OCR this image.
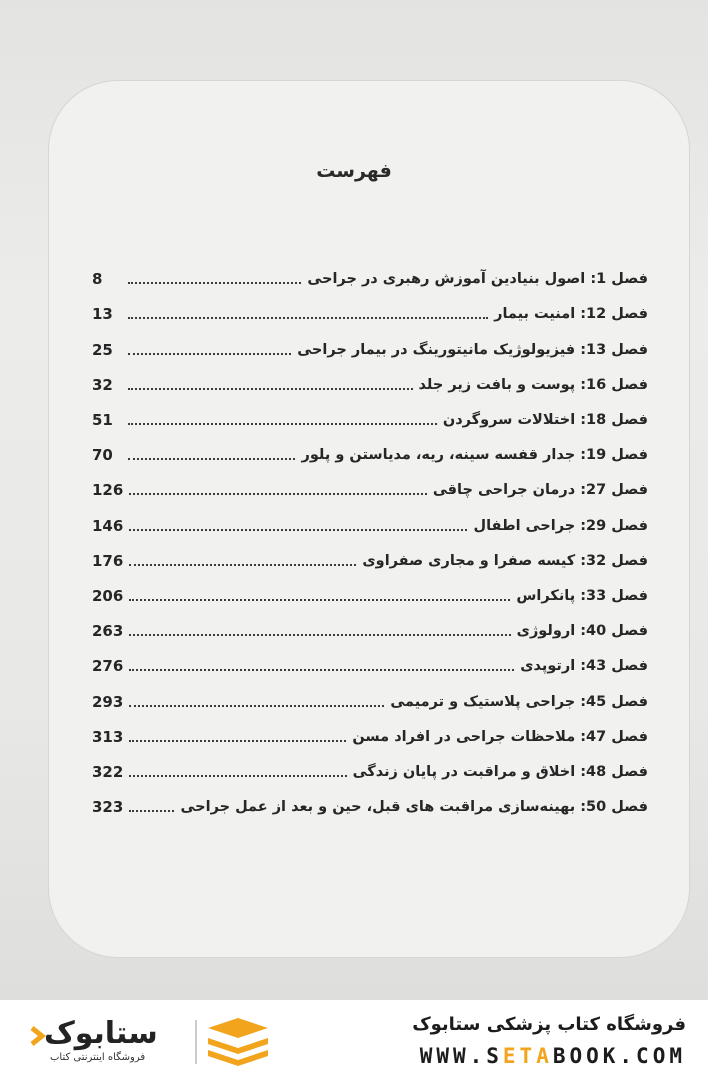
فهرست
فصل 1: اصول بنیادین آموزش رهبری در جراحی
8
فصل 12: امنیت بیمار
13
فصل 13: فیزیولوژیک مانیتورینگ در بیمار جراحی
25
فصل 16: پوست و بافت زیر جلد
32
فصل 18: اختلالات سروگردن
51
فصل 19: جدار قفسه سینه، ریه، مدیاستن و پلور
70
فصل 27: درمان جراحی چاقی
126
فصل 29: جراحی اطفال
146
فصل 32: کیسه صفرا و مجاری صفراوی
176
فصل 33: پانکراس
206
فصل 40: ارولوژی
263
فصل 43: ارتوپدی
276
فصل 45: جراحی پلاستیک و ترمیمی
293
فصل 47: ملاحظات جراحی در افراد مسن
313
فصل 48: اخلاق و مراقبت در پایان زندگی
322
فصل 50: بهینه‌سازی مراقبت های قبل، حین و بعد از عمل جراحی
323
ستابوک
فروشگاه اینترنتی کتاب
فروشگاه کتاب پزشکی ستابوک
WWW.SETABOOK.COM
